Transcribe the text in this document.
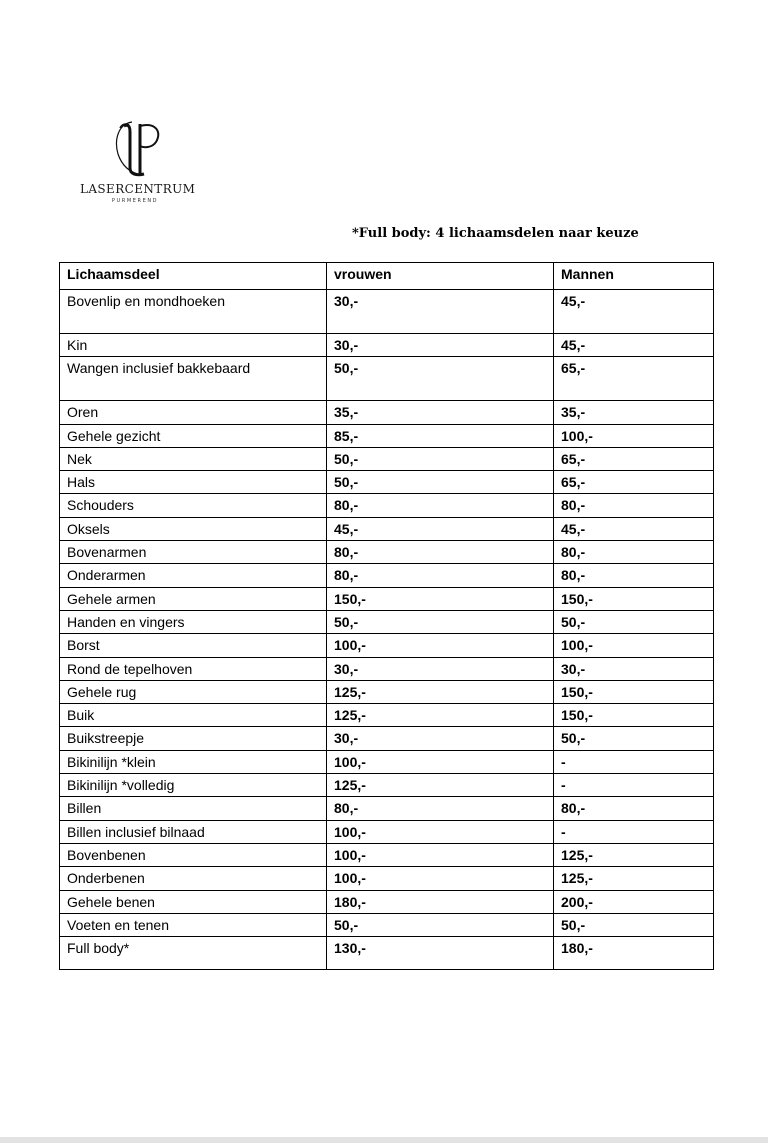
LASERCENTRUM
PURMEREND
*Full body: 4 lichaamsdelen naar keuze
Lichaamsdeel	vrouwen	Mannen
Bovenlip en mondhoeken	30,-	45,-
Kin	30,-	45,-
Wangen inclusief bakkebaard	50,-	65,-
Oren	35,-	35,-
Gehele gezicht	85,-	100,-
Nek	50,-	65,-
Hals	50,-	65,-
Schouders	80,-	80,-
Oksels	45,-	45,-
Bovenarmen	80,-	80,-
Onderarmen	80,-	80,-
Gehele armen	150,-	150,-
Handen en vingers	50,-	50,-
Borst	100,-	100,-
Rond de tepelhoven	30,-	30,-
Gehele rug	125,-	150,-
Buik	125,-	150,-
Buikstreepje	30,-	50,-
Bikinilijn *klein	100,-	-
Bikinilijn *volledig	125,-	-
Billen	80,-	80,-
Billen inclusief bilnaad	100,-	-
Bovenbenen	100,-	125,-
Onderbenen	100,-	125,-
Gehele benen	180,-	200,-
Voeten en tenen	50,-	50,-
Full body*	130,-	180,-
